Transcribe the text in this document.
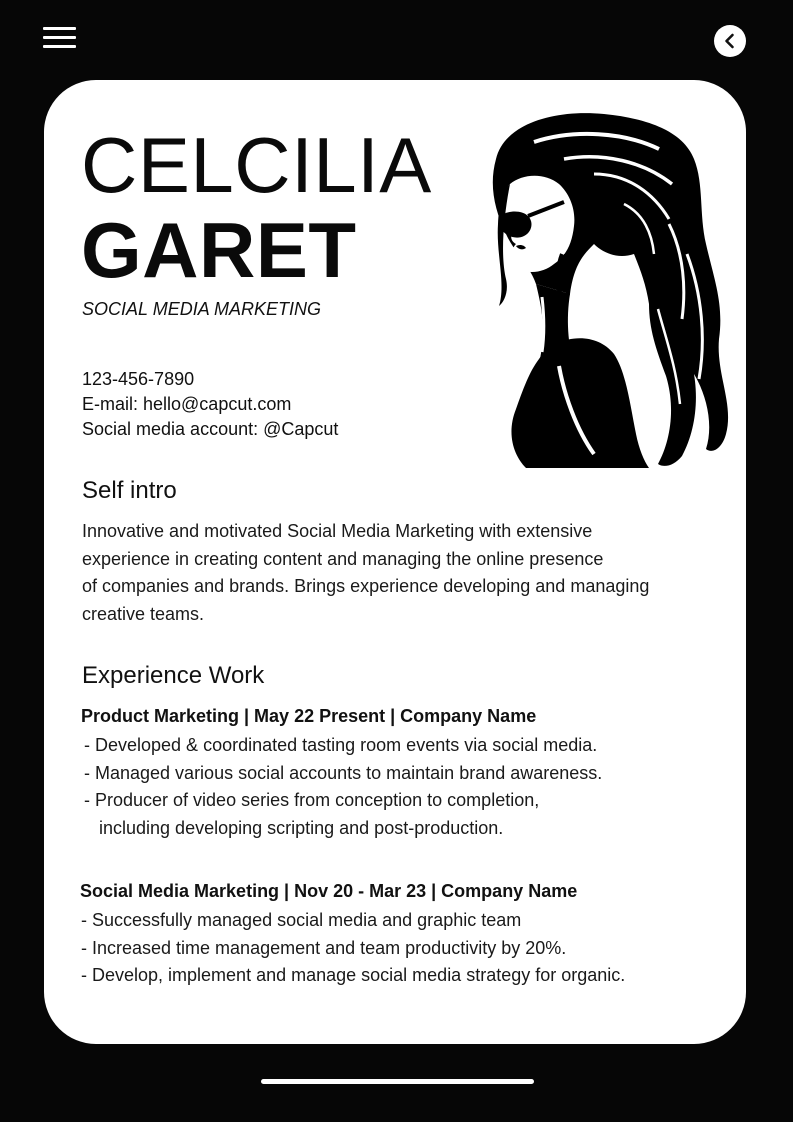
CELCILIA
GARET
SOCIAL MEDIA MARKETING
123-456-7890
E-mail: hello@capcut.com
Social media account: @Capcut
Self intro
Innovative and motivated Social Media Marketing with extensive
experience in creating content and managing the online presence
of companies and brands. Brings experience developing and managing
creative teams.
Experience Work
Product Marketing | May 22 Present | Company Name
- Developed & coordinated tasting room events via social media.
- Managed various social accounts to maintain brand awareness.
- Producer of video series from conception to completion,
including developing scripting and post-production.
Social Media Marketing | Nov 20 - Mar 23 | Company Name
- Successfully managed social media and graphic team
- Increased time management and team productivity by 20%.
- Develop, implement and manage social media strategy for organic.
